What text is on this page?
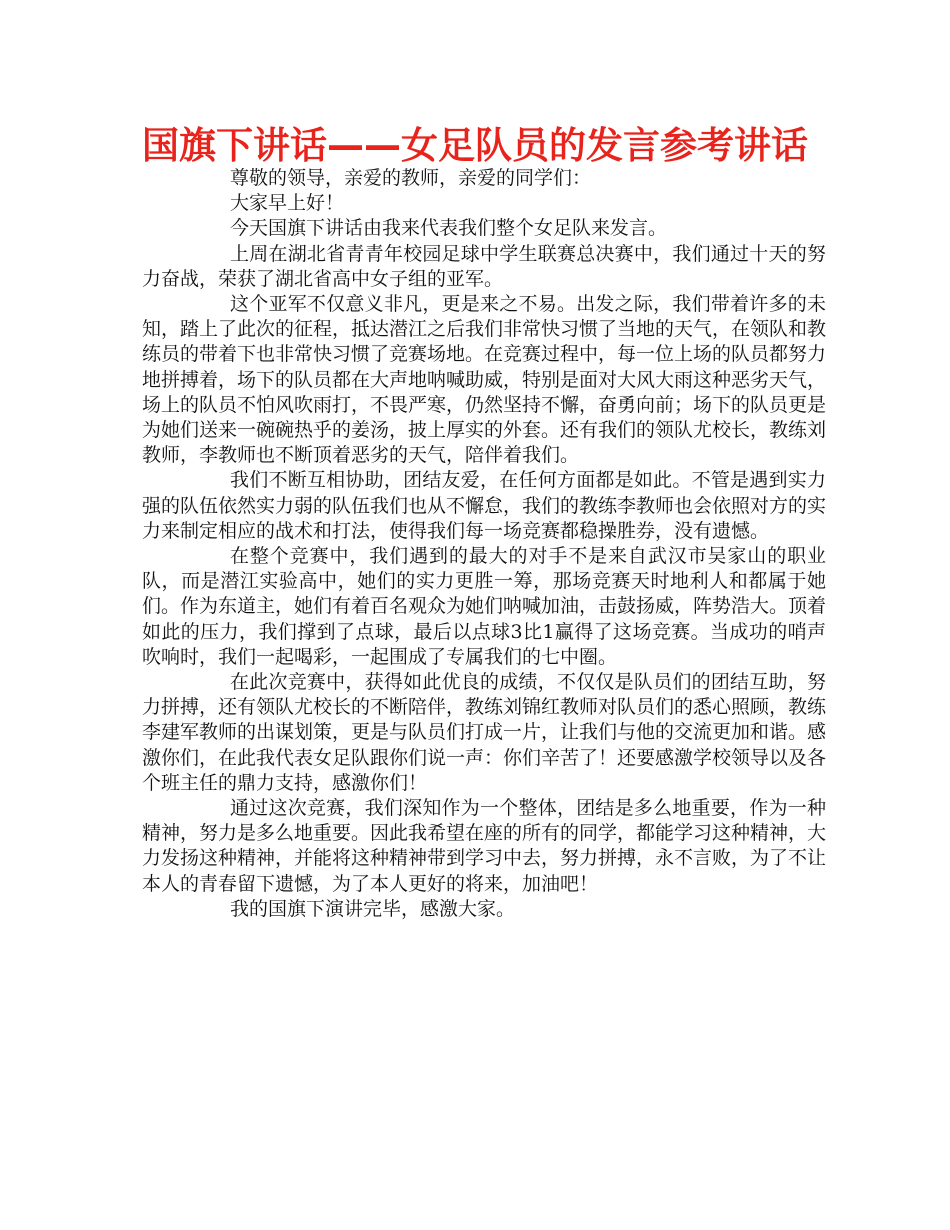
国旗下讲话——女足队员的发言参考讲话

尊敬的领导，亲爱的教师，亲爱的同学们：

大家早上好！

今天国旗下讲话由我来代表我们整个女足队来发言。

上周在湖北省青青年校园足球中学生联赛总决赛中，我们通过十天的努力奋战，荣获了湖北省高中女子组的亚军。

这个亚军不仅意义非凡，更是来之不易。出发之际，我们带着许多的未知，踏上了此次的征程，抵达潜江之后我们非常快习惯了当地的天气，在领队和教练员的带着下也非常快习惯了竞赛场地。在竞赛过程中，每一位上场的队员都努力地拼搏着，场下的队员都在大声地呐喊助威，特别是面对大风大雨这种恶劣天气，场上的队员不怕风吹雨打，不畏严寒，仍然坚持不懈，奋勇向前；场下的队员更是为她们送来一碗碗热乎的姜汤，披上厚实的外套。还有我们的领队尤校长，教练刘教师，李教师也不断顶着恶劣的天气，陪伴着我们。

我们不断互相协助，团结友爱，在任何方面都是如此。不管是遇到实力强的队伍依然实力弱的队伍我们也从不懈怠，我们的教练李教师也会依照对方的实力来制定相应的战术和打法，使得我们每一场竞赛都稳操胜券，没有遗憾。

在整个竞赛中，我们遇到的最大的对手不是来自武汉市吴家山的职业队，而是潜江实验高中，她们的实力更胜一筹，那场竞赛天时地利人和都属于她们。作为东道主，她们有着百名观众为她们呐喊加油，击鼓扬威，阵势浩大。顶着如此的压力，我们撑到了点球，最后以点球3比1赢得了这场竞赛。当成功的哨声吹响时，我们一起喝彩，一起围成了专属我们的七中圈。

在此次竞赛中，获得如此优良的成绩，不仅仅是队员们的团结互助，努力拼搏，还有领队尤校长的不断陪伴，教练刘锦红教师对队员们的悉心照顾，教练李建军教师的出谋划策，更是与队员们打成一片，让我们与他的交流更加和谐。感激你们，在此我代表女足队跟你们说一声：你们辛苦了！还要感激学校领导以及各个班主任的鼎力支持，感激你们！

通过这次竞赛，我们深知作为一个整体，团结是多么地重要，作为一种精神，努力是多么地重要。因此我希望在座的所有的同学，都能学习这种精神，大力发扬这种精神，并能将这种精神带到学习中去，努力拼搏，永不言败，为了不让本人的青春留下遗憾，为了本人更好的将来，加油吧！

我的国旗下演讲完毕，感激大家。
